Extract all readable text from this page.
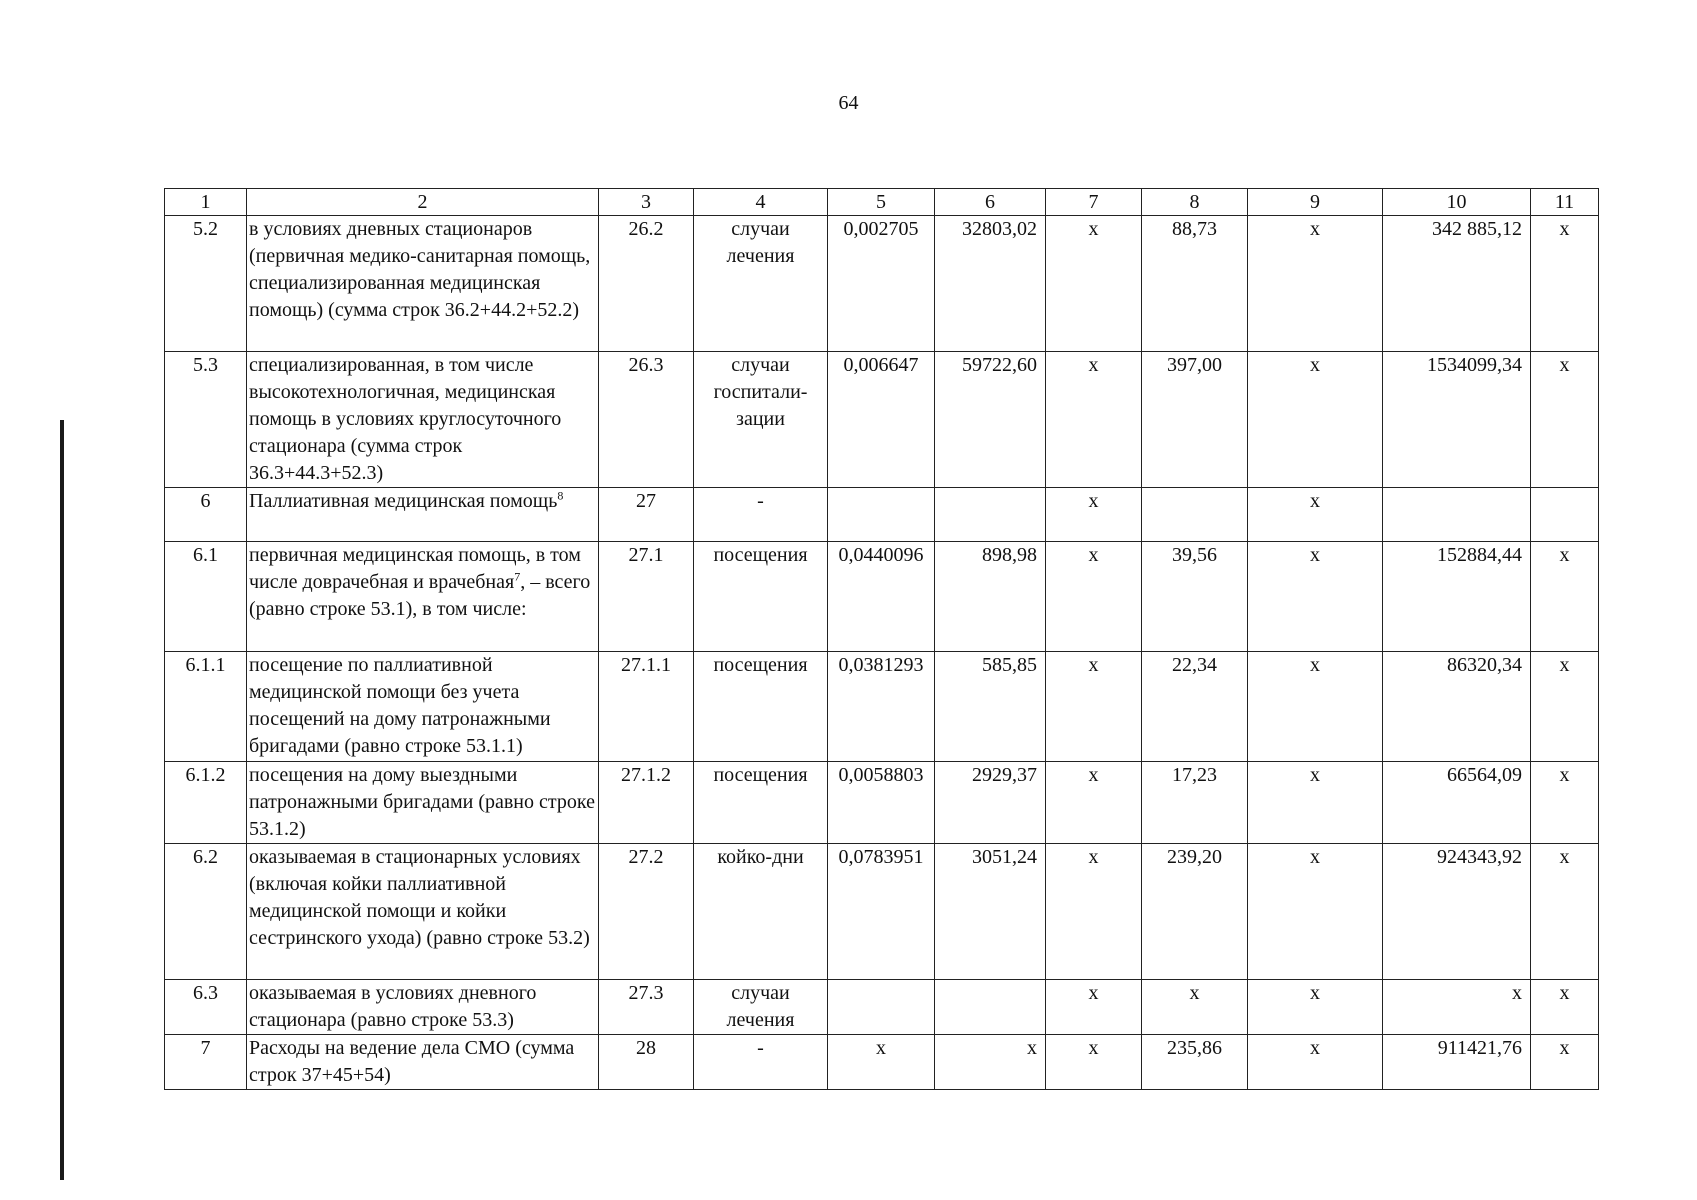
64
1	2	3	4	5	6	7	8	9	10	11
5.2	в условиях дневных стационаров (первичная медико-санитарная помощь, специализированная медицинская помощь) (сумма строк 36.2+44.2+52.2)	26.2	случаи лечения	0,002705	32803,02	х	88,73	х	342 885,12	х
5.3	специализированная, в том числе высокотехнологичная, медицинская помощь в условиях круглосуточного стационара (сумма строк 36.3+44.3+52.3)	26.3	случаи госпитали-зации	0,006647	59722,60	х	397,00	х	1534099,34	х
6	Паллиативная медицинская помощь$^8$	27	-			х		х		
6.1	первичная медицинская помощь, в том числе доврачебная и врачебная$^7$, – всего (равно строке 53.1), в том числе:	27.1	посещения	0,0440096	898,98	х	39,56	х	152884,44	х
6.1.1	посещение по паллиативной медицинской помощи без учета посещений на дому патронажными бригадами (равно строке 53.1.1)	27.1.1	посещения	0,0381293	585,85	х	22,34	х	86320,34	х
6.1.2	посещения на дому выездными патронажными бригадами (равно строке 53.1.2)	27.1.2	посещения	0,0058803	2929,37	х	17,23	х	66564,09	х
6.2	оказываемая в стационарных условиях (включая койки паллиативной медицинской помощи и койки сестринского ухода) (равно строке 53.2)	27.2	койко-дни	0,0783951	3051,24	х	239,20	х	924343,92	х
6.3	оказываемая в условиях дневного стационара (равно строке 53.3)	27.3	случаи лечения			х	х	х	х	х
7	Расходы на ведение дела СМО (сумма строк 37+45+54)	28	-	х	х	х	235,86	х	911421,76	х
